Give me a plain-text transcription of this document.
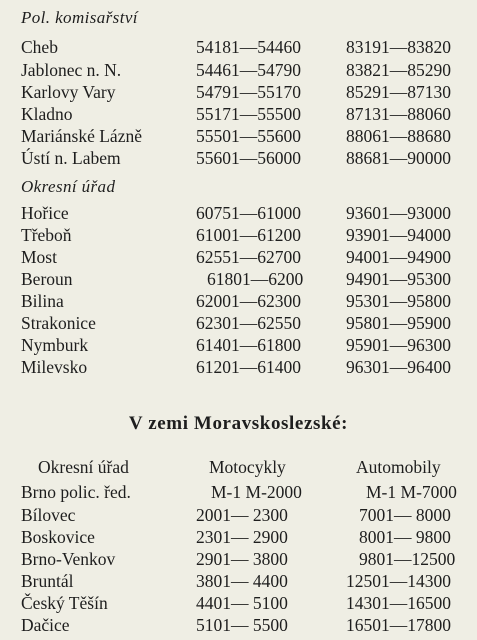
Pol. komisařství
Cheb	54181—54460	83191—83820
Jablonec n. N.	54461—54790	83821—85290
Karlovy Vary	54791—55170	85291—87130
Kladno	55171—55500	87131—88060
Mariánské Lázně	55501—55600	88061—88680
Ústí n. Labem	55601—56000	88681—90000
Okresní úřad
Hořice	60751—61000	93601—93000
Třeboň	61001—61200	93901—94000
Most	62551—62700	94001—94900
Beroun	61801—6200 94901—95300
Bilina	62001—62300	95301—95800
Strakonice	62301—62550	95801—95900
Nymburk	61401—61800	95901—96300
Milevsko	61201—61400	96301—96400
V zemi Moravskoslezské:
Okresní úřad	Motocykly	Automobily
Brno polic. řed.	M-1 M-2000	M-1 M-7000
Bílovec	2001— 2300	7001— 8000
Boskovice	2301— 2900	8001— 9800
Brno-Venkov	2901— 3800	9801—12500
Bruntál	3801— 4400	12501—14300
Český Těšín	4401— 5100	14301—16500
Dačice	5101— 5500	16501—17800
